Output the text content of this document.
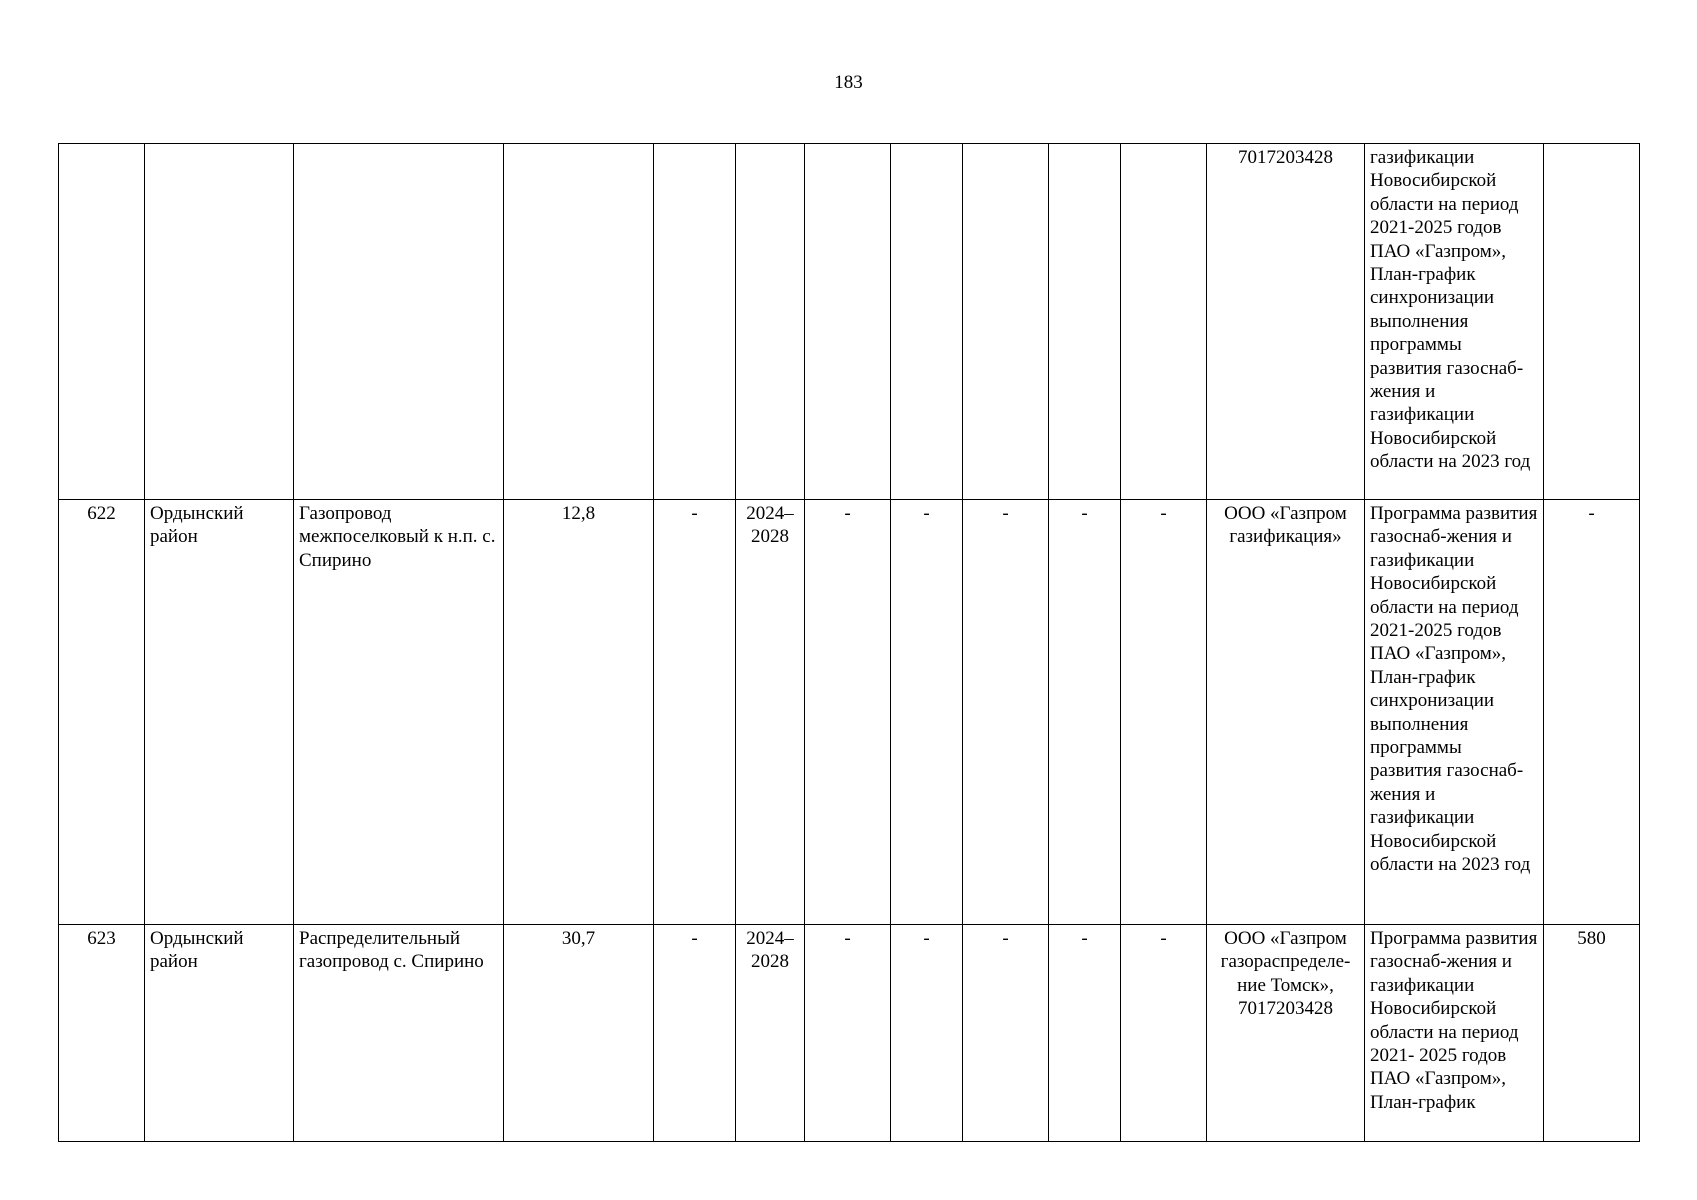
183
											7017203428	газификации Новосибирской области на период 2021-2025 годов ПАО «Газпром», План-график синхронизации выполнения программы развития газоснаб-жения и газификации Новосибирской области на 2023 год	
622	Ордынский район	Газопровод межпоселковый к н.п. с. Спирино	12,8	-	2024–2028	-	-	-	-	-	ООО «Газпром газификация»	Программа развития газоснаб-жения и газификации Новосибирской области на период 2021-2025 годов ПАО «Газпром», План-график синхронизации выполнения программы развития газоснаб-жения и газификации Новосибирской области на 2023 год	-
623	Ордынский район	Распределительный газопровод с. Спирино	30,7	-	2024–2028	-	-	-	-	-	ООО «Газпром газораспределе-ние Томск», 7017203428	Программа развития газоснаб-жения и газификации Новосибирской области на период 2021- 2025 годов ПАО «Газпром», План-график	580
